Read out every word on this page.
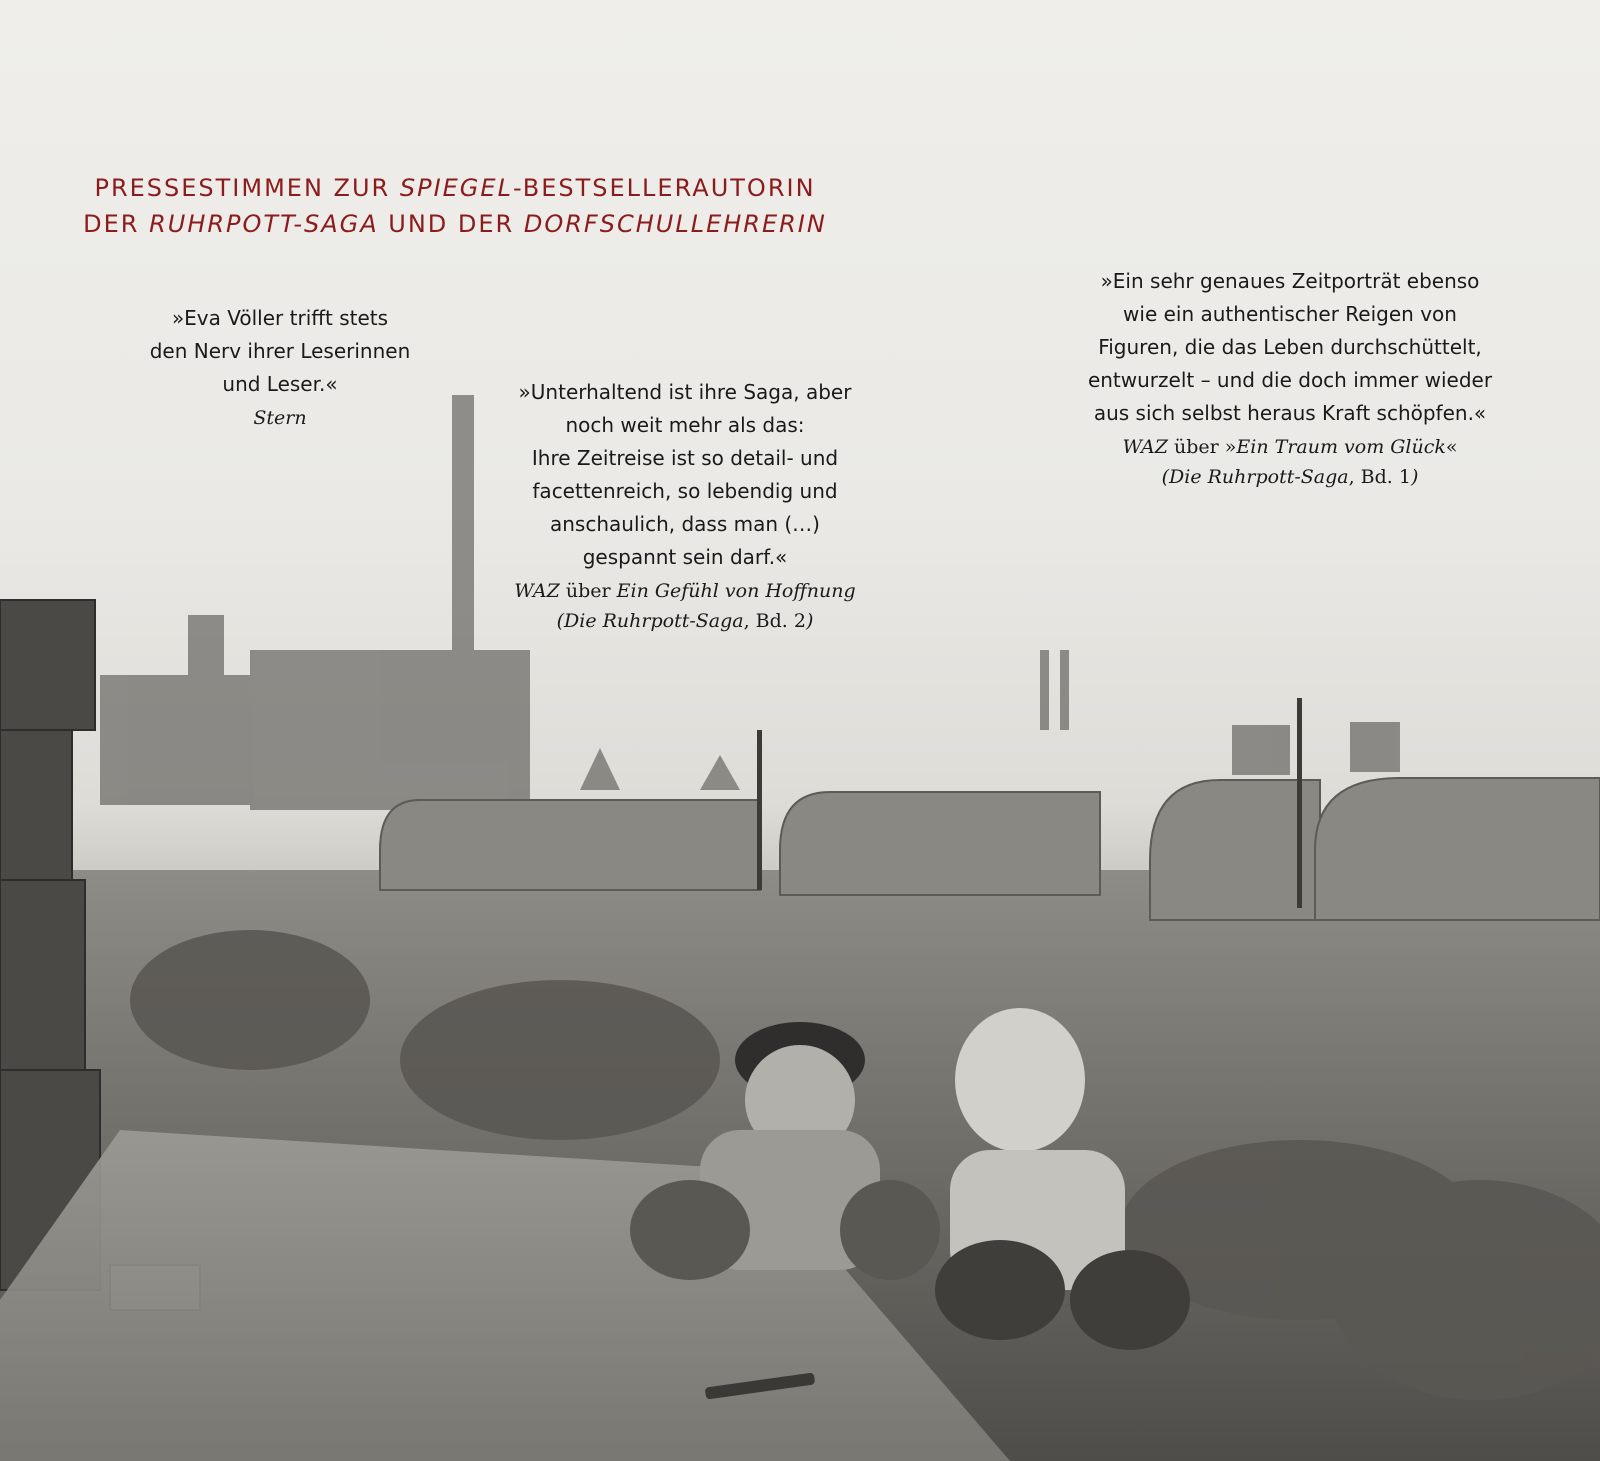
PRESSESTIMMEN ZUR SPIEGEL-BESTSELLERAUTORIN
DER RUHRPOTT-SAGA UND DER DORFSCHULLEHRERIN
»Eva Völler trifft stets
den Nerv ihrer Leserinnen
und Leser.«
Stern
»Unterhaltend ist ihre Saga, aber
noch weit mehr als das:
Ihre Zeitreise ist so detail- und
facettenreich, so lebendig und
anschaulich, dass man (…)
gespannt sein darf.«
WAZ über Ein Gefühl von Hoffnung
(Die Ruhrpott-Saga, Bd. 2)
»Ein sehr genaues Zeitporträt ebenso
wie ein authentischer Reigen von
Figuren, die das Leben durchschüttelt,
entwurzelt – und die doch immer wieder
aus sich selbst heraus Kraft schöpfen.«
WAZ über »Ein Traum vom Glück«
(Die Ruhrpott-Saga, Bd. 1)
